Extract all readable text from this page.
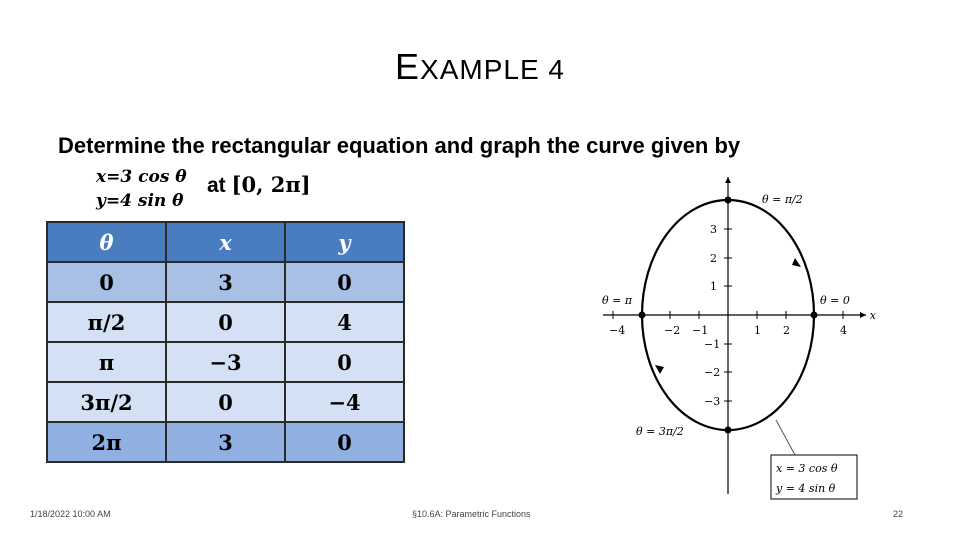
EXAMPLE 4
Determine the rectangular equation and graph the curve given by
x=3 cos θ
y=4 sin θ
at [0, 2π]
θ	x	y
0	3	0
π/2	0	4
π	−3	0
3π/2	0	−4
2π	3	0
−4	−2 −1	1 2	4
x
3
2
1
−1
−2
−3
θ = π/2
θ = 0
θ = π
θ = 3π/2
x = 3 cos θ
y = 4 sin θ
1/18/2022 10:00 AM	§10.6A: Parametric Functions	22
